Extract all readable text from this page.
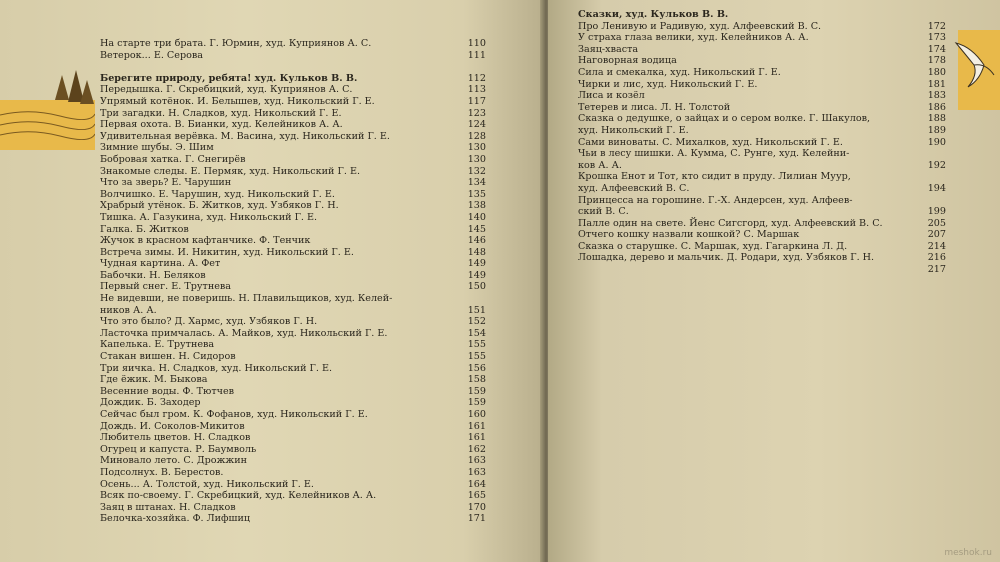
На старте три брата. Г. Юрмин, худ. Куприянов А. С.	110
Ветерок... Е. Серова	111
Берегите природу, ребята! худ. Кульков В. В.	112
Передышка. Г. Скребицкий, худ. Куприянов А. С.	113
Упрямый котёнок. И. Белышев, худ. Никольский Г. Е.	117
Три загадки. Н. Сладков, худ. Никольский Г. Е.	123
Первая охота. В. Бианки, худ. Келейников А. А.	124
Удивительная верёвка. М. Васина, худ. Никольский Г. Е.	128
Зимние шубы. Э. Шим	130
Бобровая хатка. Г. Снегирёв	130
Знакомые следы. Е. Пермяк, худ. Никольский Г. Е.	132
Что за зверь? Е. Чарушин	134
Волчишко. Е. Чарушин, худ. Никольский Г. Е.	135
Храбрый утёнок. Б. Житков, худ. Узбяков Г. Н.	138
Тишка. А. Газукина, худ. Никольский Г. Е.	140
Галка. Б. Житков	145
Жучок в красном кафтанчике. Ф. Тенчик	146
Встреча зимы. И. Никитин, худ. Никольский Г. Е.	148
Чудная картина. А. Фет	149
Бабочки. Н. Беляков	149
Первый снег. Е. Трутнева	150
Не видевши, не поверишь. Н. Плавильщиков, худ. Келей-
ников А. А.	151
Что это было? Д. Хармс, худ. Узбяков Г. Н.	152
Ласточка примчалась. А. Майков, худ. Никольский Г. Е.	154
Капелька. Е. Трутнева	155
Стакан вишен. Н. Сидоров	155
Три яичка. Н. Сладков, худ. Никольский Г. Е.	156
Где ёжик. М. Быкова	158
Весенние воды. Ф. Тютчев	159
Дождик. Б. Заходер	159
Сейчас был гром. К. Фофанов, худ. Никольский Г. Е.	160
Дождь. И. Соколов-Микитов	161
Любитель цветов. Н. Сладков	161
Огурец и капуста. Р. Баумволь	162
Миновало лето. С. Дрожжин	163
Подсолнух. В. Берестов.	163
Осень... А. Толстой, худ. Никольский Г. Е.	164
Всяк по-своему. Г. Скребицкий, худ. Келейников А. А.	165
Заяц в штанах. Н. Сладков	170
Белочка-хозяйка. Ф. Лифшиц	171
Сказки, худ. Кульков В. В.
Про Ленивую и Радивую, худ. Алфеевский В. С.	172
У страха глаза велики, худ. Келейников А. А.	173
Заяц-хваста	174
Наговорная водица	178
Сила и смекалка, худ. Никольский Г. Е.	180
Чирки и лис, худ. Никольский Г. Е.	181
Лиса и козёл	183
Тетерев и лиса. Л. Н. Толстой	186
Сказка о дедушке, о зайцах и о сером волке. Г. Шакулов,	188
худ. Никольский Г. Е.	189
Сами виноваты. С. Михалков, худ. Никольский Г. Е.	190
Чьи в лесу шишки. А. Кумма, С. Рунге, худ. Келейни-
ков А. А.	192
Крошка Енот и Тот, кто сидит в пруду. Лилиан Муур,
худ. Алфеевский В. С.	194
Принцесса на горошине. Г.-Х. Андерсен, худ. Алфеев-
ский В. С.	199
Палле один на свете. Йенс Сигсгорд, худ. Алфеевский В. С.	205
Отчего кошку назвали кошкой? С. Маршак	207
Сказка о старушке. С. Маршак, худ. Гагаркина Л. Д.	214
Лошадка, дерево и мальчик. Д. Родари, худ. Узбяков Г. Н.	216
217
meshok.ru
